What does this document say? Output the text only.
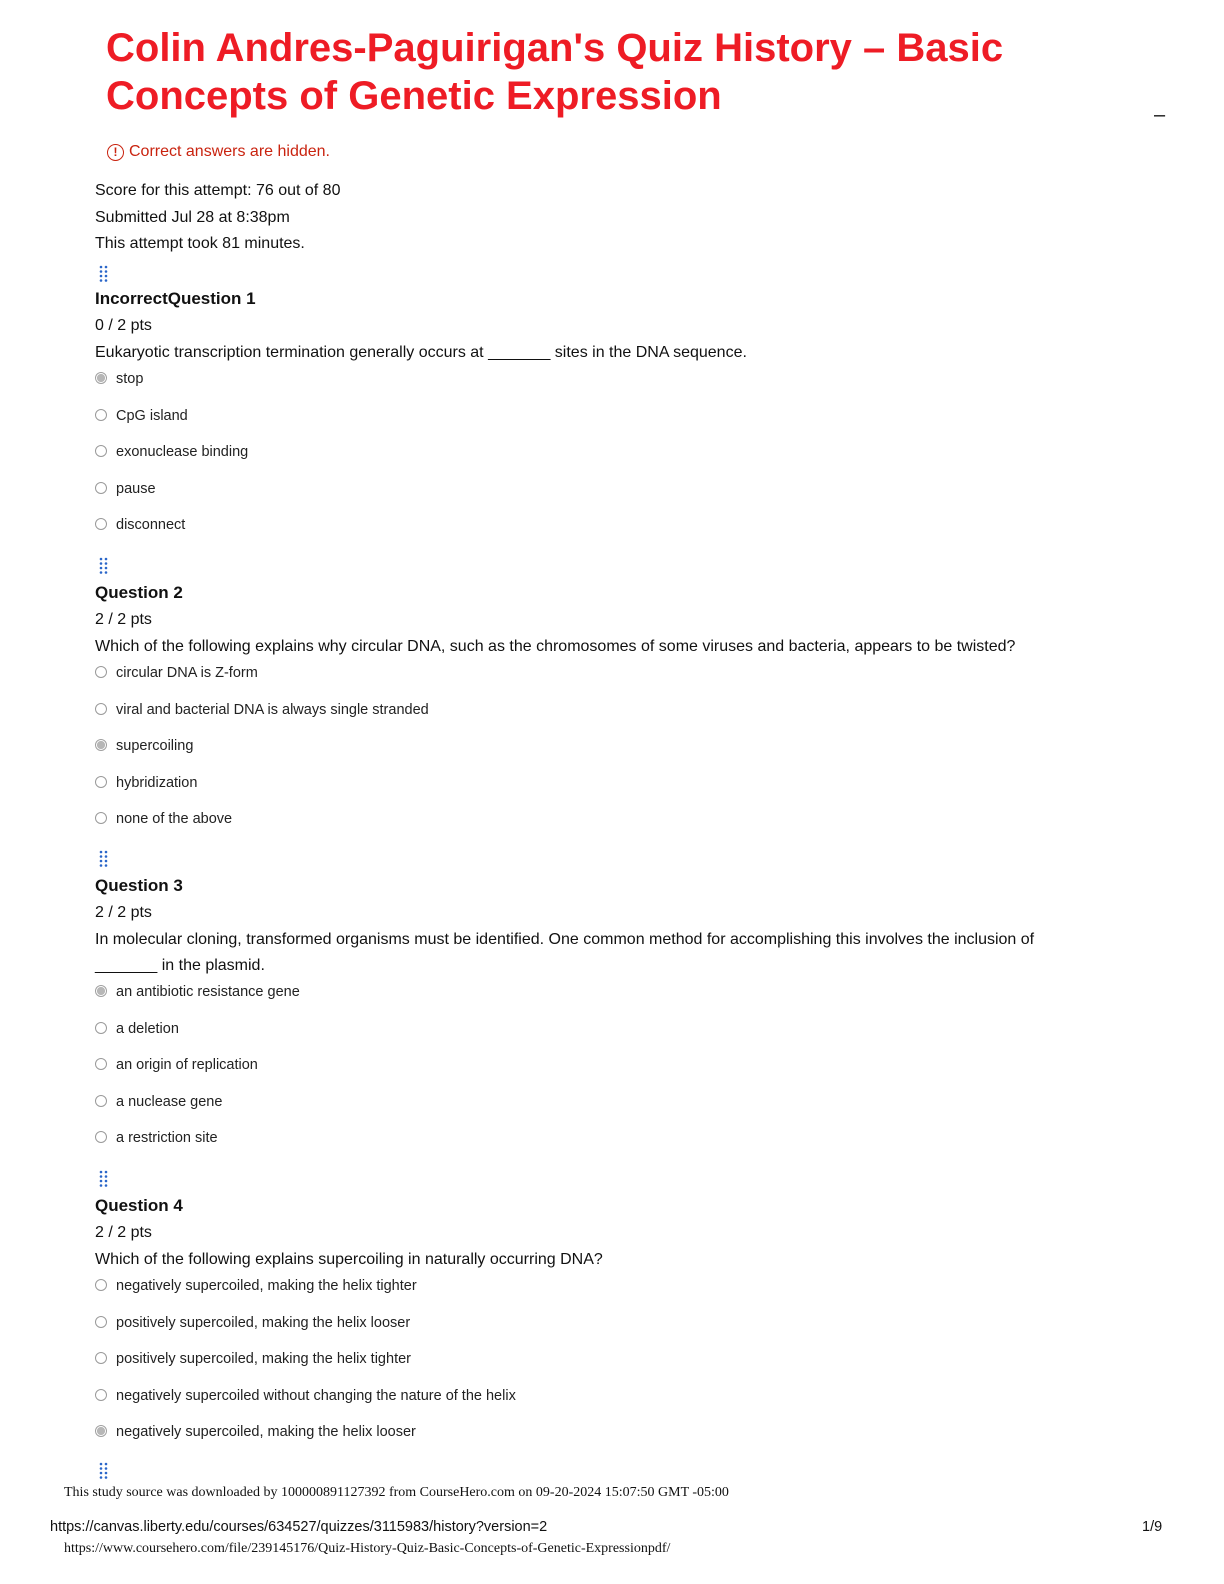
Colin Andres-Paguirigan's Quiz History – Basic Concepts of Genetic Expression	–
! Correct answers are hidden.
Score for this attempt: 76 out of 80
Submitted Jul 28 at 8:38pm
This attempt took 81 minutes.
IncorrectQuestion 1
0 / 2 pts
Eukaryotic transcription termination generally occurs at _______ sites in the DNA sequence.
stop
CpG island
exonuclease binding
pause
disconnect
Question 2
2 / 2 pts
Which of the following explains why circular DNA, such as the chromosomes of some viruses and bacteria, appears to be twisted?
circular DNA is Z-form
viral and bacterial DNA is always single stranded
supercoiling
hybridization
none of the above
Question 3
2 / 2 pts
In molecular cloning, transformed organisms must be identified. One common method for accomplishing this involves the inclusion of _______ in the plasmid.
an antibiotic resistance gene
a deletion
an origin of replication
a nuclease gene
a restriction site
Question 4
2 / 2 pts
Which of the following explains supercoiling in naturally occurring DNA?
negatively supercoiled, making the helix tighter
positively supercoiled, making the helix looser
positively supercoiled, making the helix tighter
negatively supercoiled without changing the nature of the helix
negatively supercoiled, making the helix looser
This study source was downloaded by 100000891127392 from CourseHero.com on 09-20-2024 15:07:50 GMT -05:00
https://canvas.liberty.edu/courses/634527/quizzes/3115983/history?version=2	1/9
https://www.coursehero.com/file/239145176/Quiz-History-Quiz-Basic-Concepts-of-Genetic-Expressionpdf/
